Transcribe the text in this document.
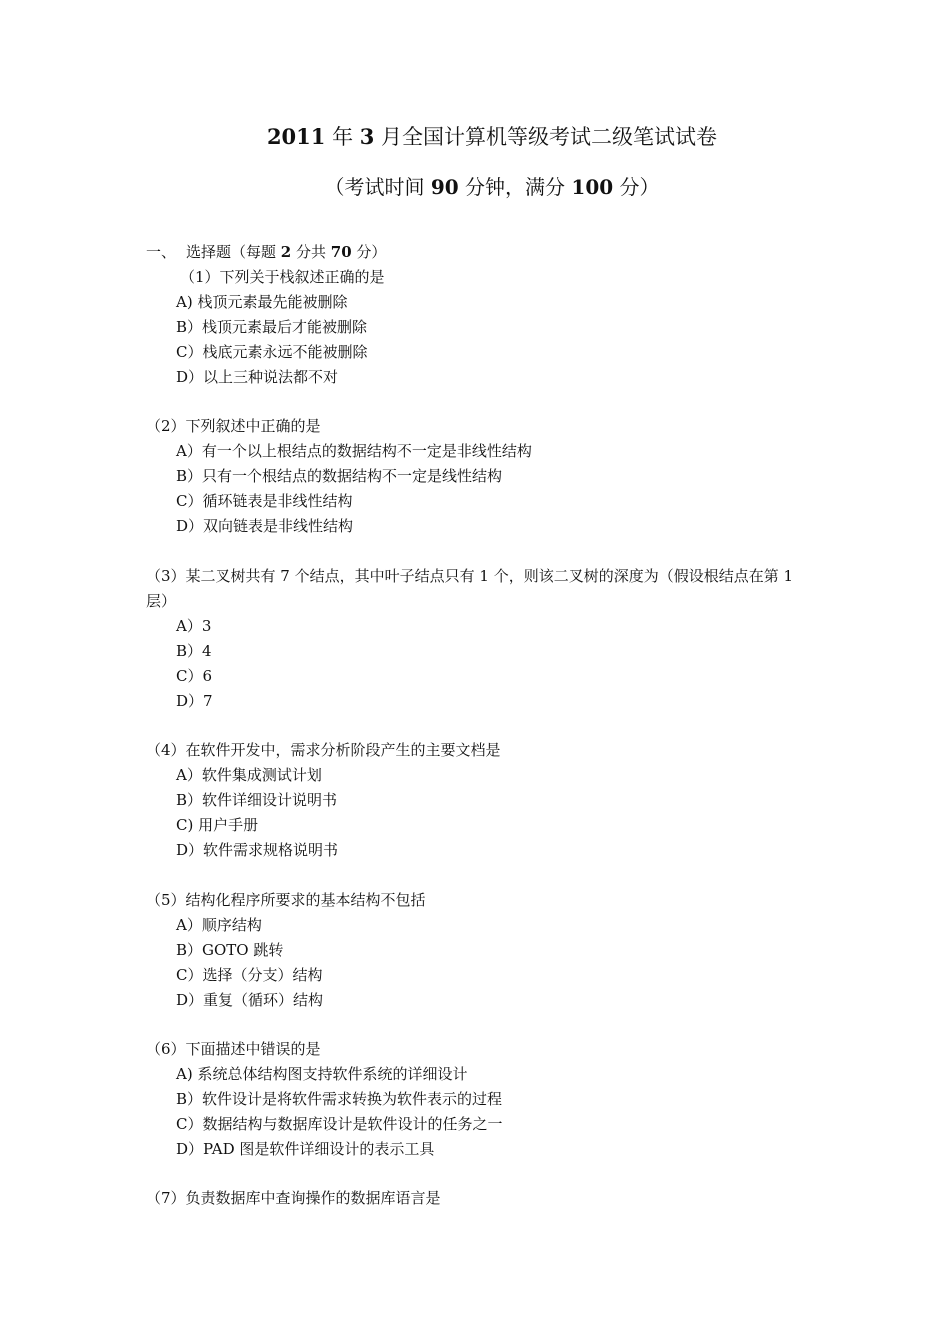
2011 年 3 月全国计算机等级考试二级笔试试卷
（考试时间 90 分钟，满分 100 分）
一、 选择题（每题 2 分共 70 分）

（1）下列关于栈叙述正确的是

A) 栈顶元素最先能被删除

B）栈顶元素最后才能被删除

C）栈底元素永远不能被删除

D）以上三种说法都不对

（2）下列叙述中正确的是

A）有一个以上根结点的数据结构不一定是非线性结构

B）只有一个根结点的数据结构不一定是线性结构

C）循环链表是非线性结构

D）双向链表是非线性结构

（3）某二叉树共有 7 个结点，其中叶子结点只有 1 个，则该二叉树的深度为（假设根结点在第 1 层）

A）3

B）4

C）6

D）7

（4）在软件开发中，需求分析阶段产生的主要文档是

A）软件集成测试计划

B）软件详细设计说明书

C) 用户手册

D）软件需求规格说明书

（5）结构化程序所要求的基本结构不包括

A）顺序结构

B）GOTO 跳转

C）选择（分支）结构

D）重复（循环）结构

（6）下面描述中错误的是

A) 系统总体结构图支持软件系统的详细设计

B）软件设计是将软件需求转换为软件表示的过程

C）数据结构与数据库设计是软件设计的任务之一

D）PAD 图是软件详细设计的表示工具

（7）负责数据库中查询操作的数据库语言是
